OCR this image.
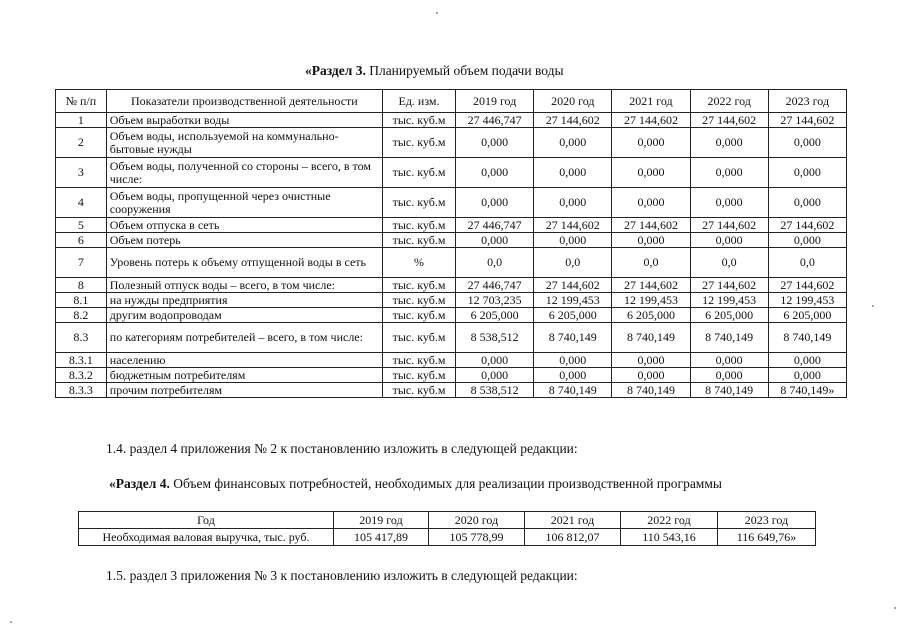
«Раздел 3. Планируемый объем подачи воды
№ п/п	Показатели производственной деятельности	Ед. изм.	2019 год	2020 год	2021 год	2022 год	2023 год
1	Объем выработки воды	тыс. куб.м	27 446,747	27 144,602	27 144,602	27 144,602	27 144,602
2	Объем воды, используемой на коммунально-бытовые нужды	тыс. куб.м	0,000	0,000	0,000	0,000	0,000
3	Объем воды, полученной со стороны – всего, в том числе:	тыс. куб.м	0,000	0,000	0,000	0,000	0,000
4	Объем воды, пропущенной через очистные сооружения	тыс. куб.м	0,000	0,000	0,000	0,000	0,000
5	Объем отпуска в сеть	тыс. куб.м	27 446,747	27 144,602	27 144,602	27 144,602	27 144,602
6	Объем потерь	тыс. куб.м	0,000	0,000	0,000	0,000	0,000
7	Уровень потерь к объему отпущенной воды в сеть	%	0,0	0,0	0,0	0,0	0,0
8	Полезный отпуск воды – всего, в том числе:	тыс. куб.м	27 446,747	27 144,602	27 144,602	27 144,602	27 144,602
8.1	на нужды предприятия	тыс. куб.м	12 703,235	12 199,453	12 199,453	12 199,453	12 199,453
8.2	другим водопроводам	тыс. куб.м	6 205,000	6 205,000	6 205,000	6 205,000	6 205,000
8.3	по категориям потребителей – всего, в том числе:	тыс. куб.м	8 538,512	8 740,149	8 740,149	8 740,149	8 740,149
8.3.1	населению	тыс. куб.м	0,000	0,000	0,000	0,000	0,000
8.3.2	бюджетным потребителям	тыс. куб.м	0,000	0,000	0,000	0,000	0,000
8.3.3	прочим потребителям	тыс. куб.м	8 538,512	8 740,149	8 740,149	8 740,149	8 740,149»
1.4. раздел 4 приложения № 2 к постановлению изложить в следующей редакции:
«Раздел 4. Объем финансовых потребностей, необходимых для реализации производственной программы
Год	2019 год	2020 год	2021 год	2022 год	2023 год
Необходимая валовая выручка, тыс. руб.	105 417,89	105 778,99	106 812,07	110 543,16	116 649,76»
1.5. раздел 3 приложения № 3 к постановлению изложить в следующей редакции:
